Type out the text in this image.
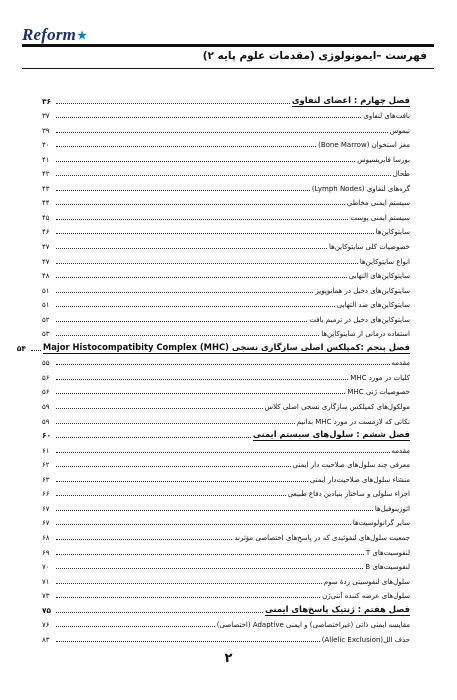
Reform★
فهرست –ایمونولوژی (مقدمات علوم پایه ۲)
فصل چهارم : اعضای لنفاوی
۳۶
بافت‌های لنفاوی
۳۷
تیموس
۳۹
مغز استخوان (Bone Marrow)
۴۰
بورسا فابریسیوس
۴۱
طحال
۴۲
گره‌های لنفاوی (Lymph Nodes)
۴۳
سیستم ایمنی مخاطی
۴۴
سیستم ایمنی پوست
۴۵
سایتوکاین‌ها
۴۶
خصوصیات کلی سایتوکاین‌ها
۴۷
انواع سایتوکاین‌ها
۴۷
سایتوکاین‌های التهابی
۴۸
سایتوکاین‌های دخیل در همانوپویز
۵۱
سایتوکاین‌های ضد التهابی
۵۱
سایتوکاین‌های دخیل در ترمیم بافت
۵۲
استفاده درمانی از سایتوکاین‌ها
۵۳
فصل پنجم :کمپلکس اصلی سازگاری نسجی (MHC) Major Histocompatibity Complex
۵۴
مقدمه
۵۵
کلیات در مورد MHC
۵۶
خصوصیات ژنی MHC
۵۶
مولکول‌های کمپلکس سازگاری نسجی اصلی کلاس
۵۹
نکاتی که لازمست در مورد MHC بدانیم
۵۹
فصل ششم : سلول‌های سیستم ایمنی
۶۰
مقدمه
۶۱
معرفی چند سلول‌های صلاحیت دار ایمنی
۶۲
منشاء سلول‌های صلاحیت‌دار ایمنی
۶۳
اجزاء سلولی و ساختار بنیادین دفاع طبیعی
۶۶
ائوزینوفیل‌ها
۶۷
سایر گرانولوسیت‌ها
۶۷
جمعیت سلول‌های لنفوئیدی که در پاسخ‌های اختصاصی مؤثرند
۶۸
لنفوسیت‌های T
۶۹
لنفوسیت‌های B
۷۰
سلول‌های لنفوسیتی ردهٔ سوم
۷۱
سلول‌های عرضه کننده آنتی‌ژن
۷۳
فصل هفتم : ژنتیک پاسخ‌های ایمنی
۷۵
مقایسه ایمنی ذاتی (غیراختصاصی) و ایمنی Adaptive (اختصاصی)
۷۶
حذف الل(Allelic Exclusion)
۸۳
۲
